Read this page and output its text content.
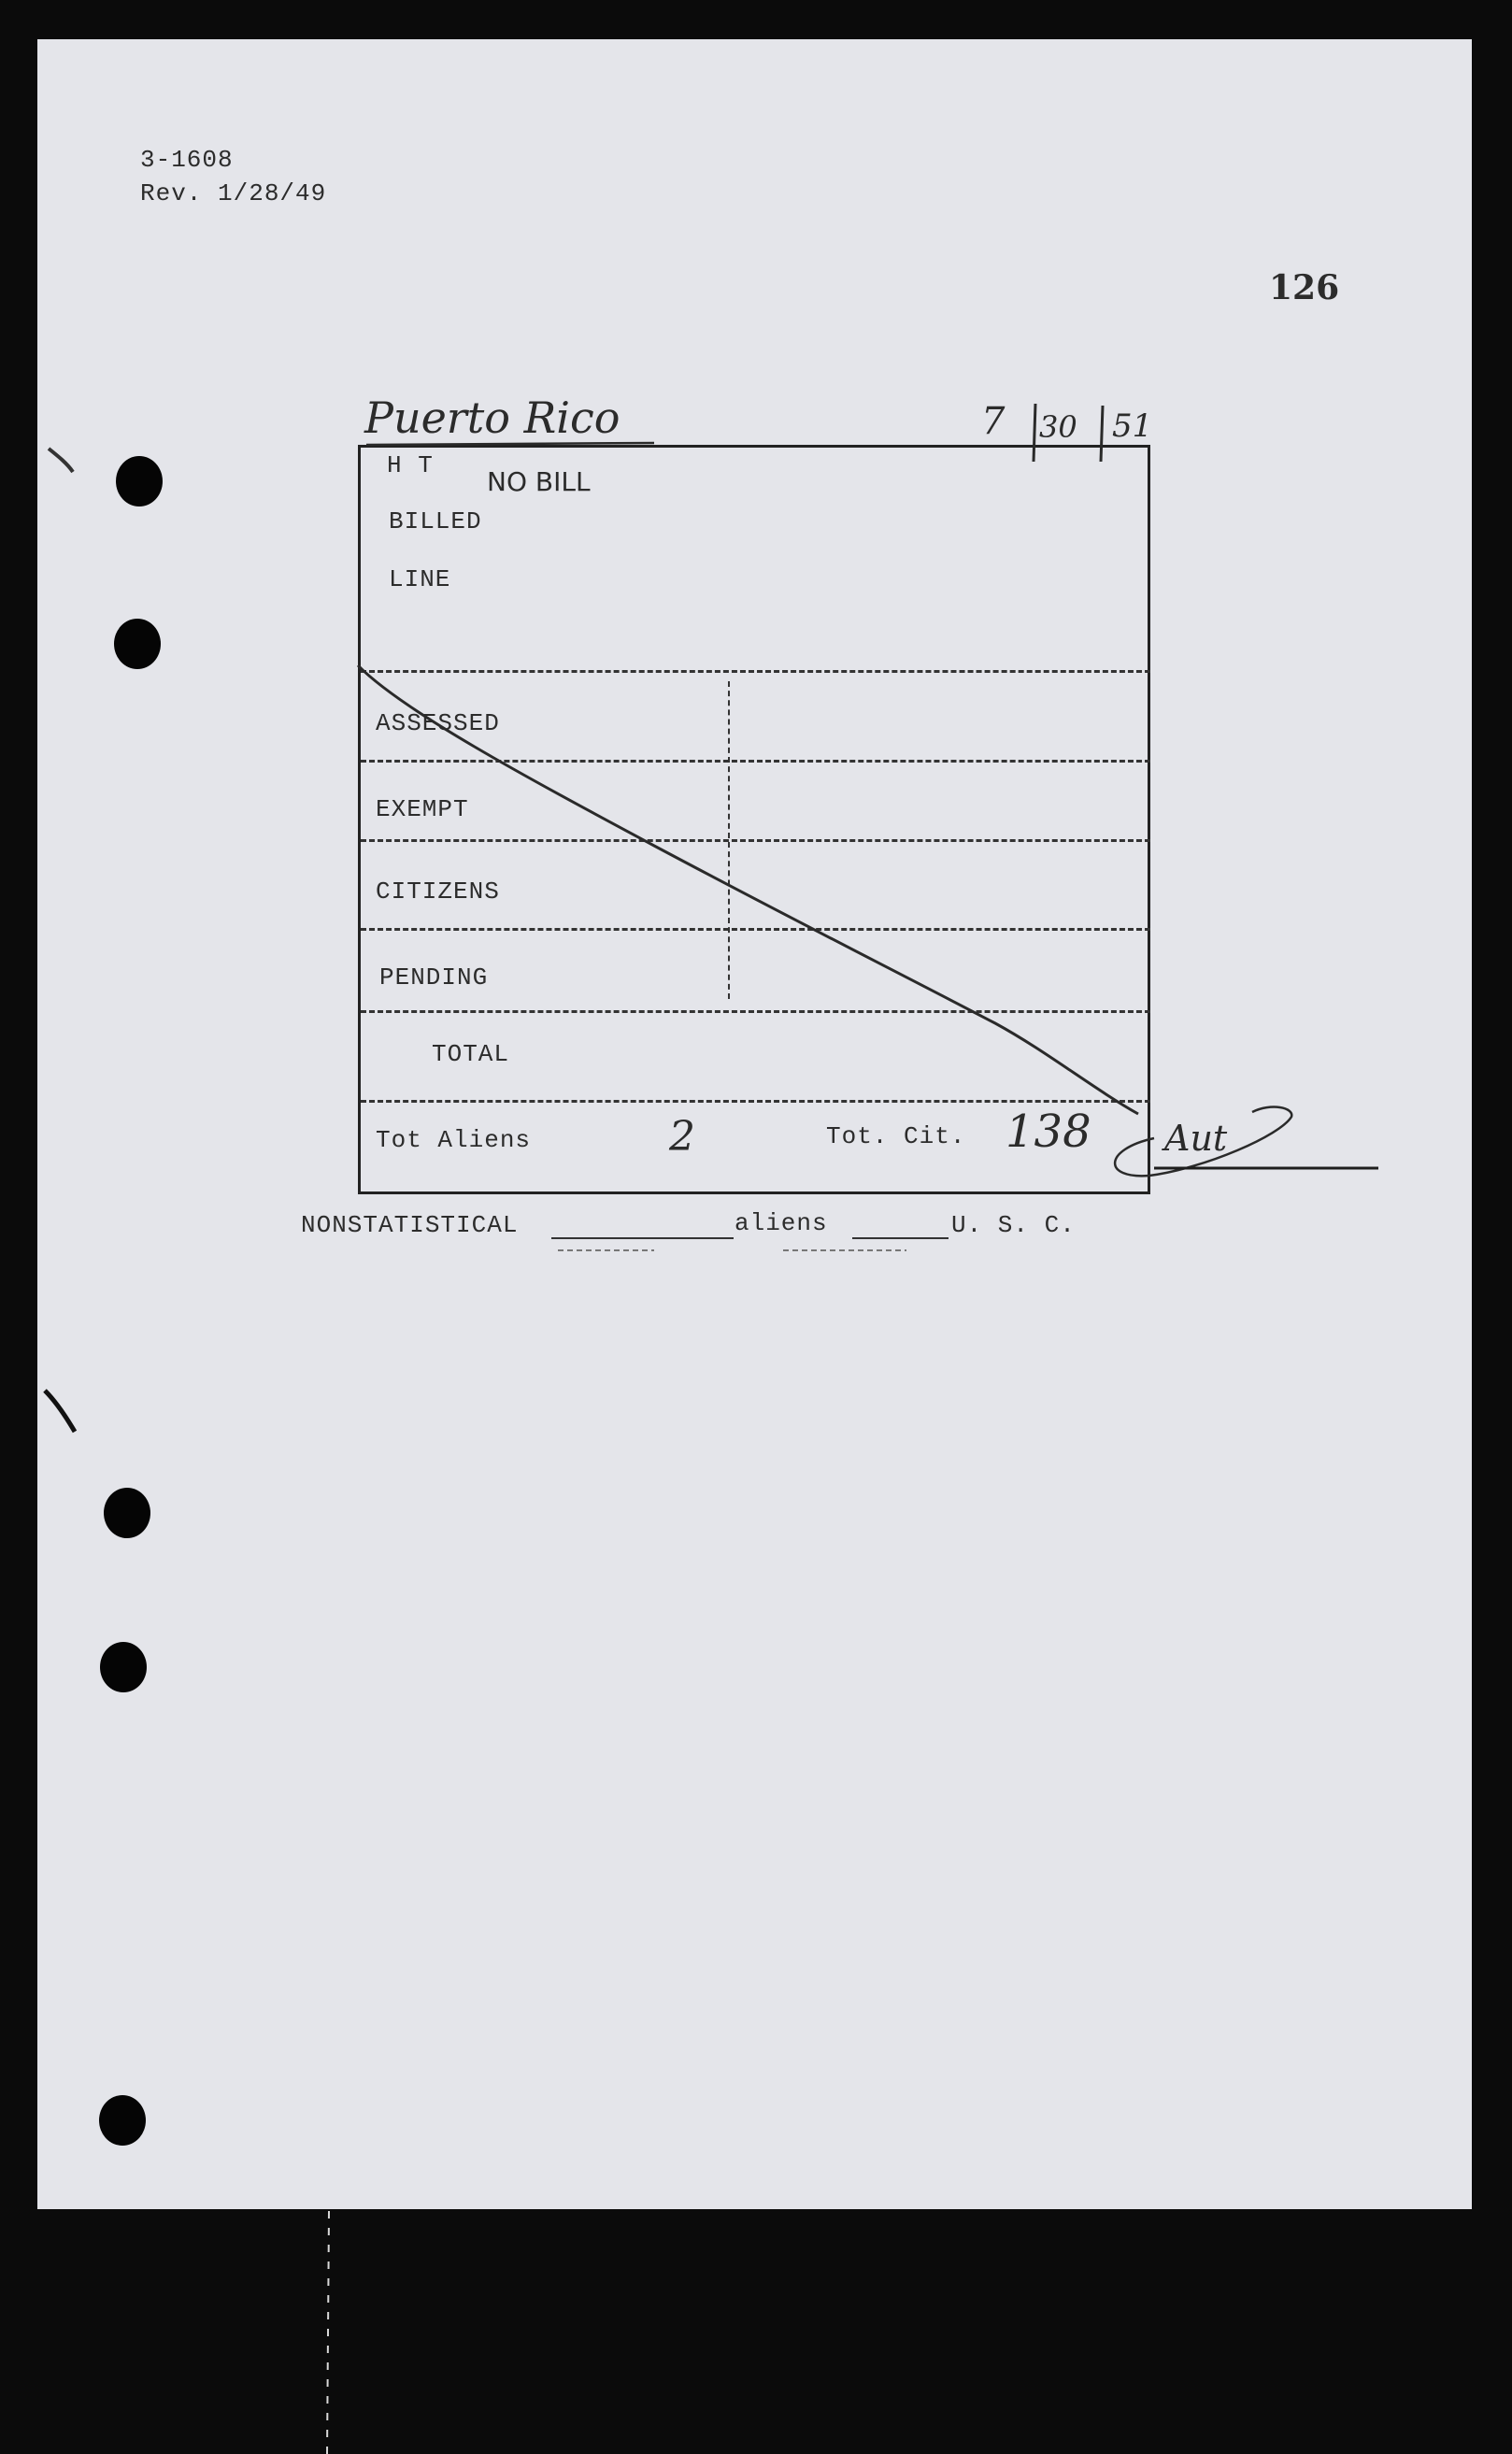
3-1608
Rev. 1/28/49
126
Puerto Rico	7 30 51
H T
NO BILL
BILLED
LINE
ASSESSED
EXEMPT
CITIZENS
PENDING
TOTAL
Tot Aliens	2	Tot. Cit. 138 Aut
NONSTATISTICAL	aliens	U. S. C.
